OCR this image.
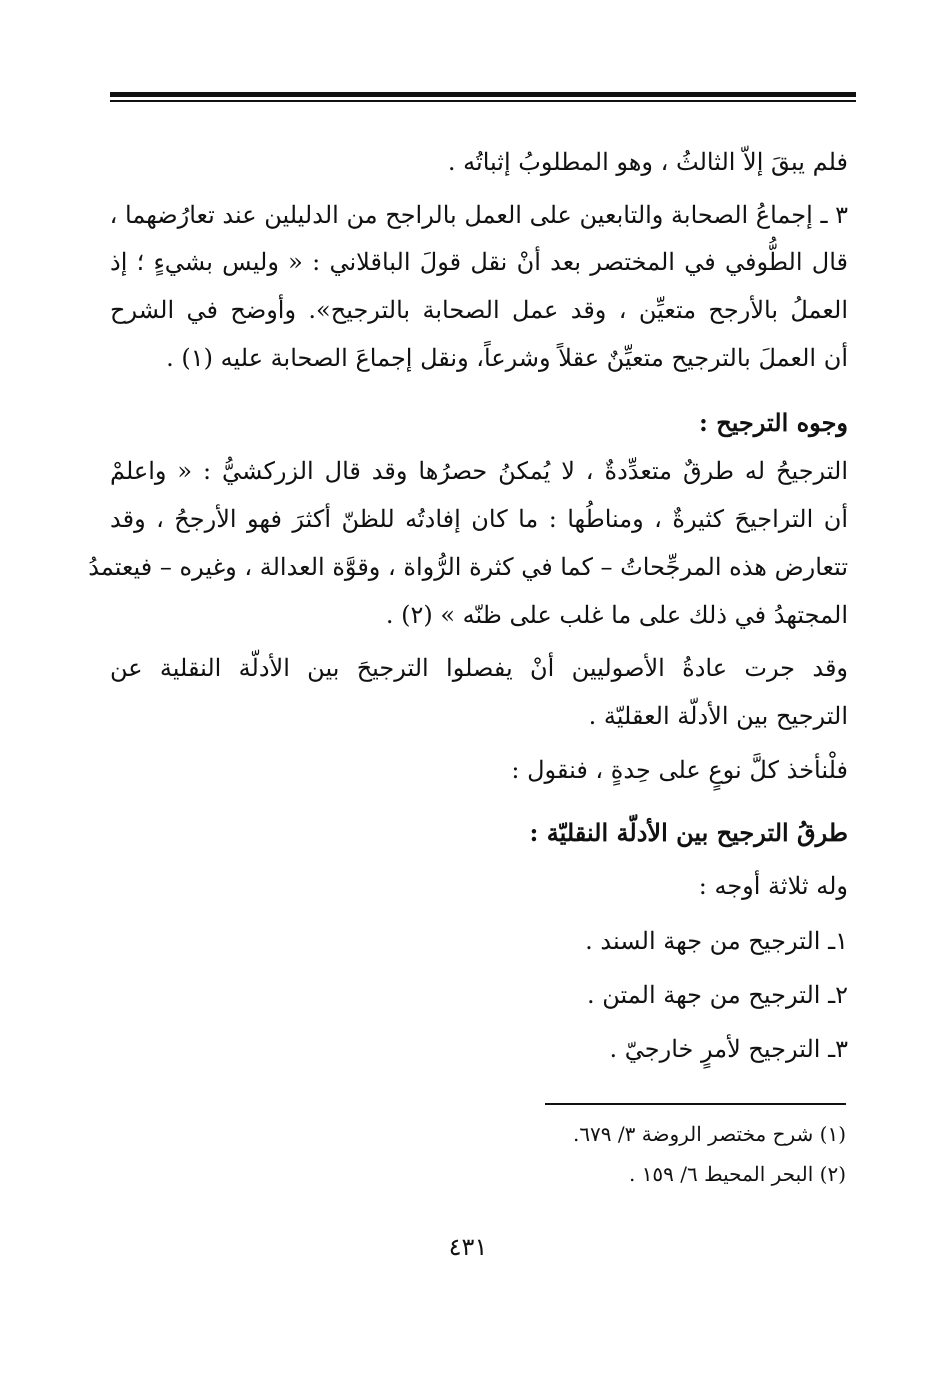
فلم يبقَ إلاّ الثالثُ ، وهو المطلوبُ إثباتُه .
٣ ـ إجماعُ الصحابة والتابعين على العمل بالراجح من الدليلين عند تعارُضهما ،
قال الطُّوفي في المختصر بعد أنْ نقل قولَ الباقلاني : « وليس بشيءٍ ؛ إذ
العملُ بالأرجح متعيِّن ، وقد عمل الصحابة بالترجيح». وأوضح في الشرح
أن العملَ بالترجيح متعيِّنٌ عقلاً وشرعاً، ونقل إجماعَ الصحابة عليه (١) .
وجوه الترجيح :
الترجيحُ له طرقٌ متعدِّدةٌ ، لا يُمكنُ حصرُها وقد قال الزركشيُّ : « واعلمْ
أن التراجيحَ كثيرةٌ ، ومناطُها : ما كان إفادتُه للظنّ أكثرَ فهو الأرجحُ ، وقد
تتعارض هذه المرجِّحاتُ – كما في كثرة الرُّواة ، وقوَّة العدالة ، وغيره – فيعتمدُ
المجتهدُ في ذلك على ما غلب على ظنّه » (٢) .
وقد جرت عادةُ الأصوليين أنْ يفصلوا الترجيحَ بين الأدلّة النقلية عن
الترجيح بين الأدلّة العقليّة .
فلْنأخذ كلَّ نوعٍ على حِدةٍ ، فنقول :
طرقُ الترجيح بين الأدلّة النقليّة :
وله ثلاثة أوجه :
١ـ الترجيح من جهة السند .
٢ـ الترجيح من جهة المتن .
٣ـ الترجيح لأمرٍ خارجيّ .
(١) شرح مختصر الروضة ٣/ ٦٧٩.
(٢) البحر المحيط ٦/ ١٥٩ .
٤٣١
